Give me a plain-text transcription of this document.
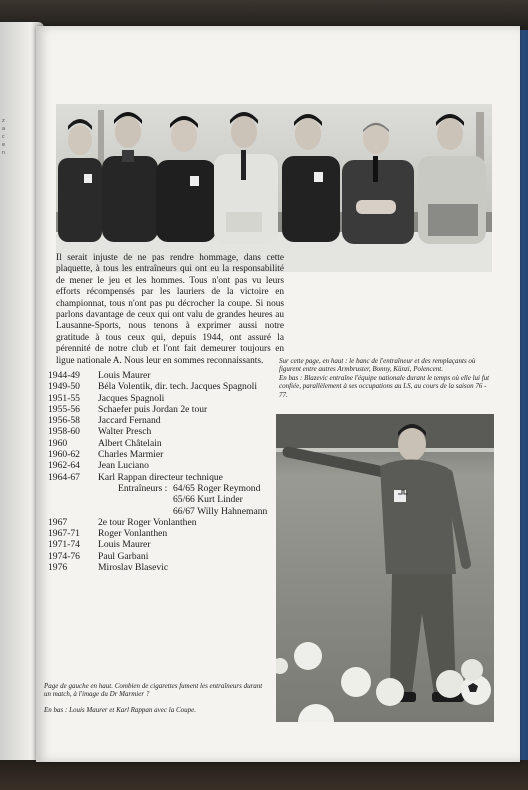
z
a
c
e
n

Il serait injuste de ne pas rendre hommage, dans cette plaquette, à tous les entraîneurs qui ont eu la responsabilité de mener le jeu et les hommes. Tous n'ont pas vu leurs efforts récompensés par les lauriers de la victoire en championnat, tous n'ont pas pu décrocher la coupe. Si nous parlons davantage de ceux qui ont valu de grandes heures au Lausanne-Sports, nous tenons à exprimer aussi notre gratitude à tous ceux qui, depuis 1944, ont assuré la pérennité de notre club et l'ont fait demeurer toujours en ligue nationale A. Nous leur en sommes reconnaissants.

1944-49	Louis Maurer
1949-50	Béla Volentik, dir. tech. Jacques Spagnoli
1951-55	Jacques Spagnoli
1955-56	Schaefer puis Jordan 2e tour
1956-58	Jaccard Fernand
1958-60	Walter Presch
1960	Albert Châtelain
1960-62	Charles Marmier
1962-64	Jean Luciano
1964-67	Karl Rappan directeur technique
Entraîneurs : 64/65 Roger Reymond
65/66 Kurt Linder
66/67 Willy Hahnemann
1967	2e tour Roger Vonlanthen
1967-71	Roger Vonlanthen
1971-74	Louis Maurer
1974-76	Paul Garbani
1976	Miroslav Blasevic

Sur cette page, en haut : le banc de l'entraîneur et des remplaçants où figurent entre autres Armbruster, Bonny, Künzi, Polencent.

En bas : Blazevic entraîne l'équipe nationale durant le temps où elle lui fut confiée, parallèlement à ses occupations au LS, au cours de la saison 76 - 77.

Page de gauche en haut. Combien de cigarettes fument les entraîneurs durant un match, à l'image du Dr Marmier ?

En bas : Louis Maurer et Karl Rappan avec la Coupe.
